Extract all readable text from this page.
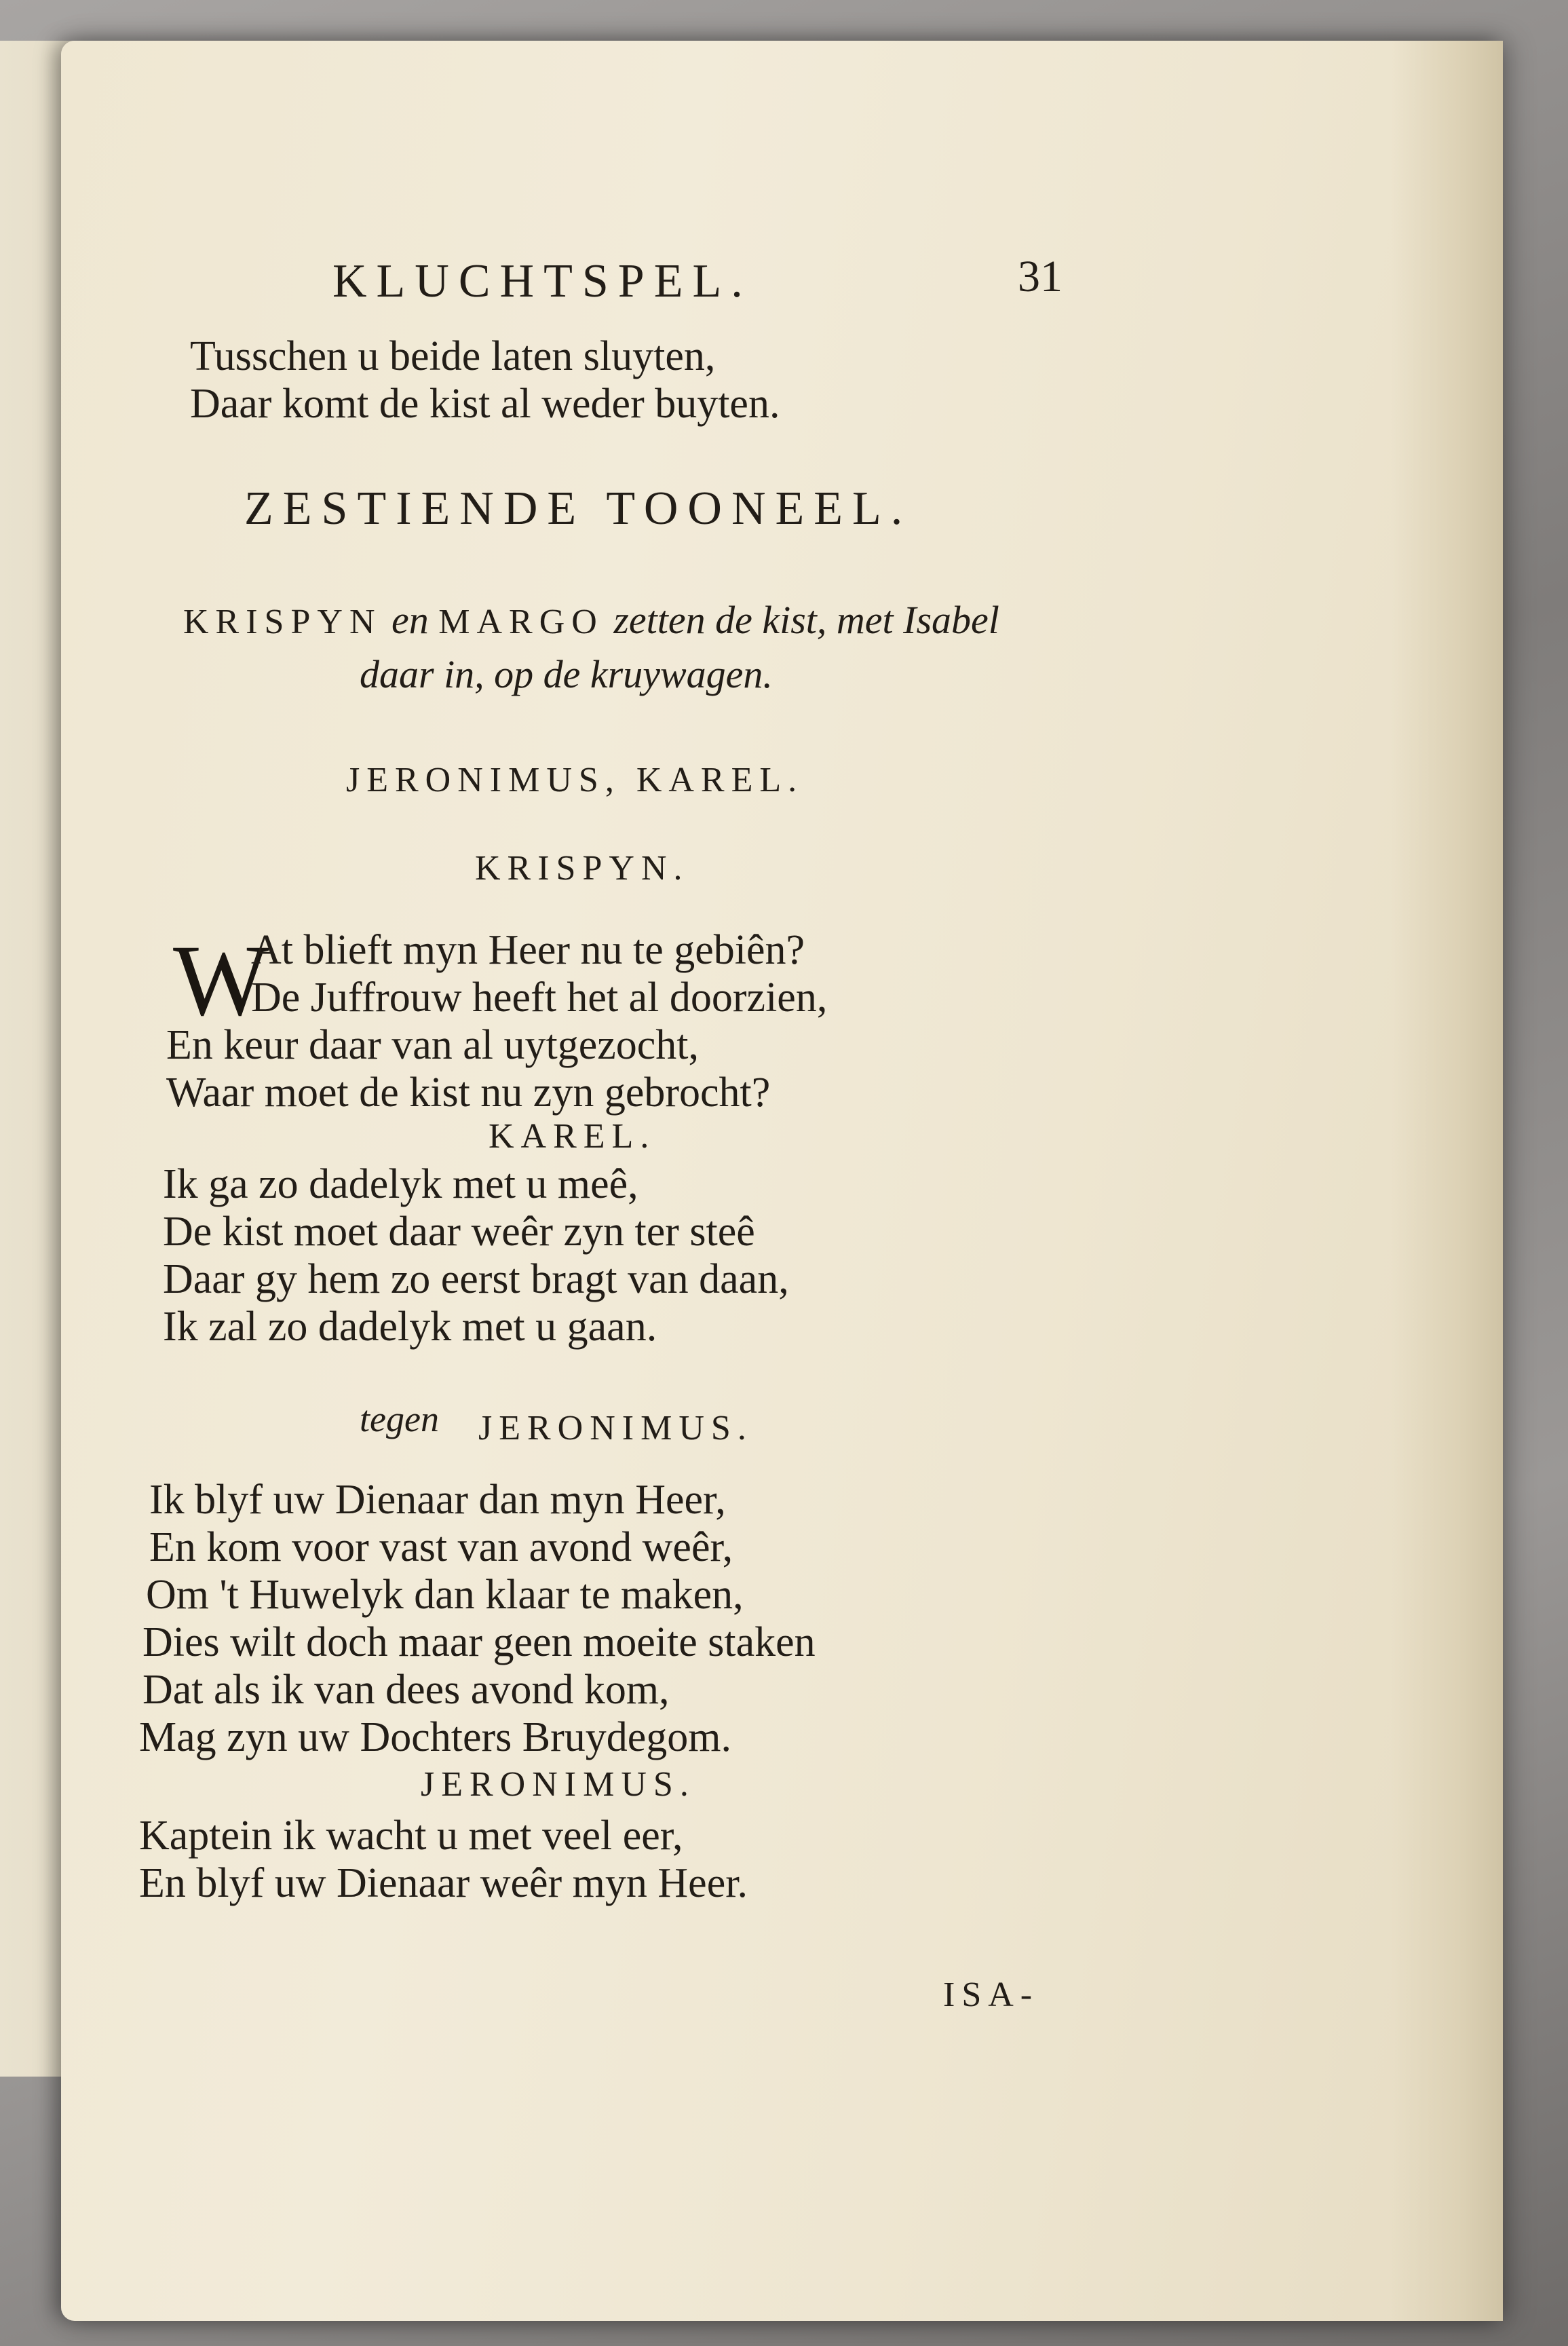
KLUCHTSPEL.	31
Tusschen u beide laten sluyten,
Daar komt de kist al weder buyten.
ZESTIENDE TOONEEL.
KRISPYN en MARGO zetten de kist, met Isabel
daar in, op de kruywagen.
JERONIMUS, KAREL.
KRISPYN.
W
At blieft myn Heer nu te gebiên?
De Juffrouw heeft het al doorzien,
En keur daar van al uytgezocht,
Waar moet de kist nu zyn gebrocht?
KAREL.
Ik ga zo dadelyk met u meê,
De kist moet daar weêr zyn ter steê
Daar gy hem zo eerst bragt van daan,
Ik zal zo dadelyk met u gaan.
tegen JERONIMUS.
Ik blyf uw Dienaar dan myn Heer,
En kom voor vast van avond weêr,
Om 't Huwelyk dan klaar te maken,
Dies wilt doch maar geen moeite staken
Dat als ik van dees avond kom,
Mag zyn uw Dochters Bruydegom.
JERONIMUS.
Kaptein ik wacht u met veel eer,
En blyf uw Dienaar weêr myn Heer.
ISA-
